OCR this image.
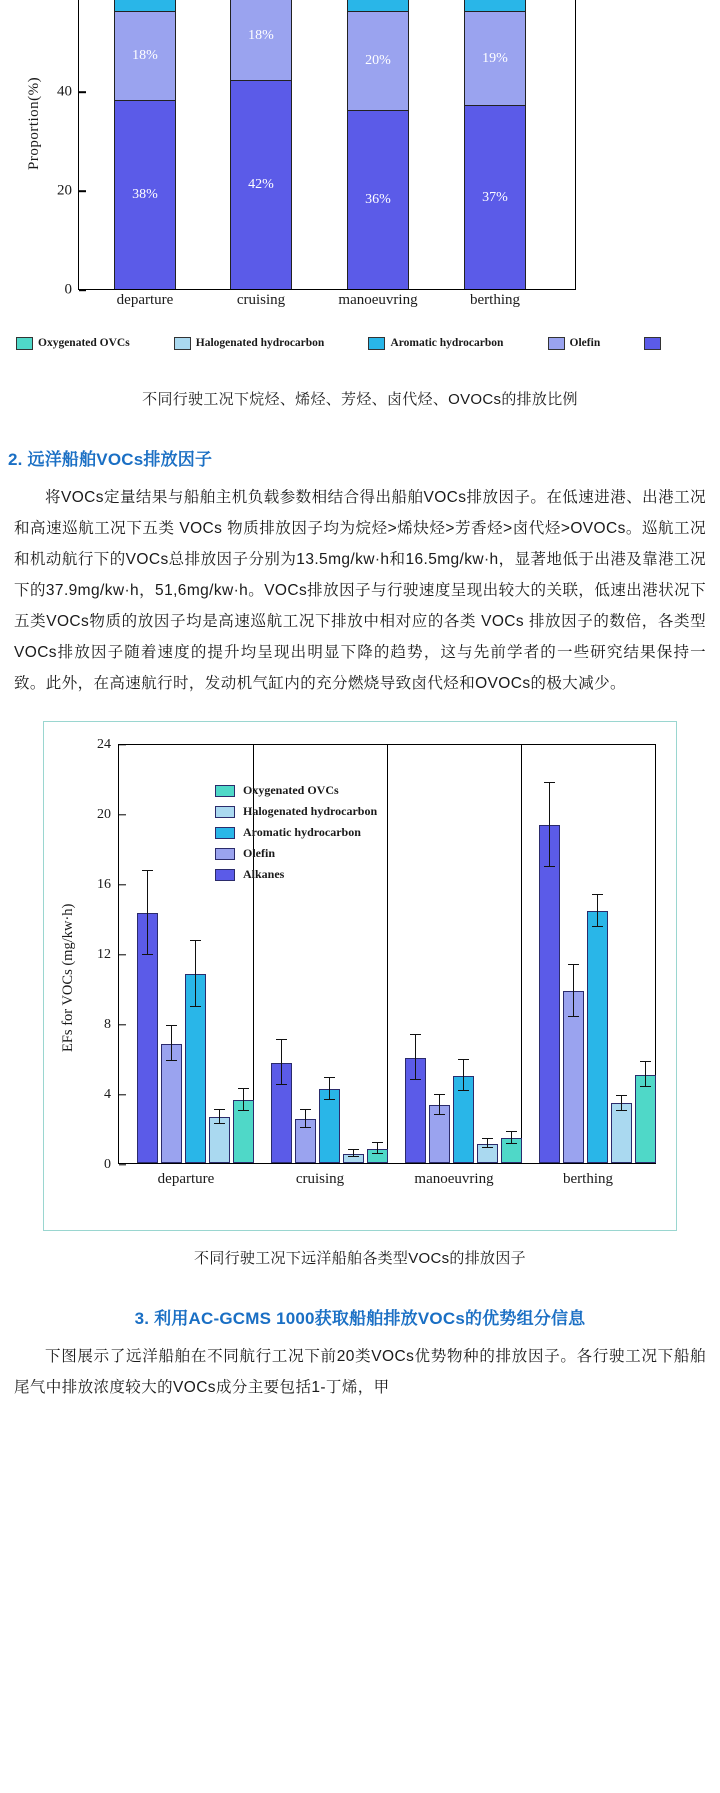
Proportion(%)
0
20
40
38%
18%
42%
18%
36%
20%
37%
19%
departure	cruising	manoeuvring	berthing
Oxygenated OVCs	Halogenated hydrocarbon	Aromatic hydrocarbon	Olefin	Alkanes
不同行驶工况下烷烃、烯烃、芳烃、卤代烃、OVOCs的排放比例
2. 远洋船舶VOCs排放因子

将VOCs定量结果与船舶主机负载参数相结合得出船舶VOCs排放因子。在低速进港、出港工况和高速巡航工况下五类 VOCs 物质排放因子均为烷烃>烯炔烃>芳香烃>卤代烃>OVOCs。巡航工况和机动航行下的VOCs总排放因子分别为13.5mg/kw·h和16.5mg/kw·h，显著地低于出港及靠港工况下的37.9mg/kw·h，51,6mg/kw·h。VOCs排放因子与行驶速度呈现出较大的关联，低速出港状况下五类VOCs物质的放因子均是高速巡航工况下排放中相对应的各类 VOCs 排放因子的数倍，各类型VOCs排放因子随着速度的提升均呈现出明显下降的趋势，这与先前学者的一些研究结果保持一致。此外，在高速航行时，发动机气缸内的充分燃烧导致卤代烃和OVOCs的极大减少。

EFs for VOCs (mg/kw·h)
0
4
8
12
16
20
24
Oxygenated OVCs
Halogenated hydrocarbon
Aromatic hydrocarbon
Olefin
Alkanes
departure	cruising	manoeuvring	berthing
不同行驶工况下远洋船舶各类型VOCs的排放因子
3. 利用AC-GCMS 1000获取船舶排放VOCs的优势组分信息

下图展示了远洋船舶在不同航行工况下前20类VOCs优势物种的排放因子。各行驶工况下船舶尾气中排放浓度较大的VOCs成分主要包括1-丁烯，甲
